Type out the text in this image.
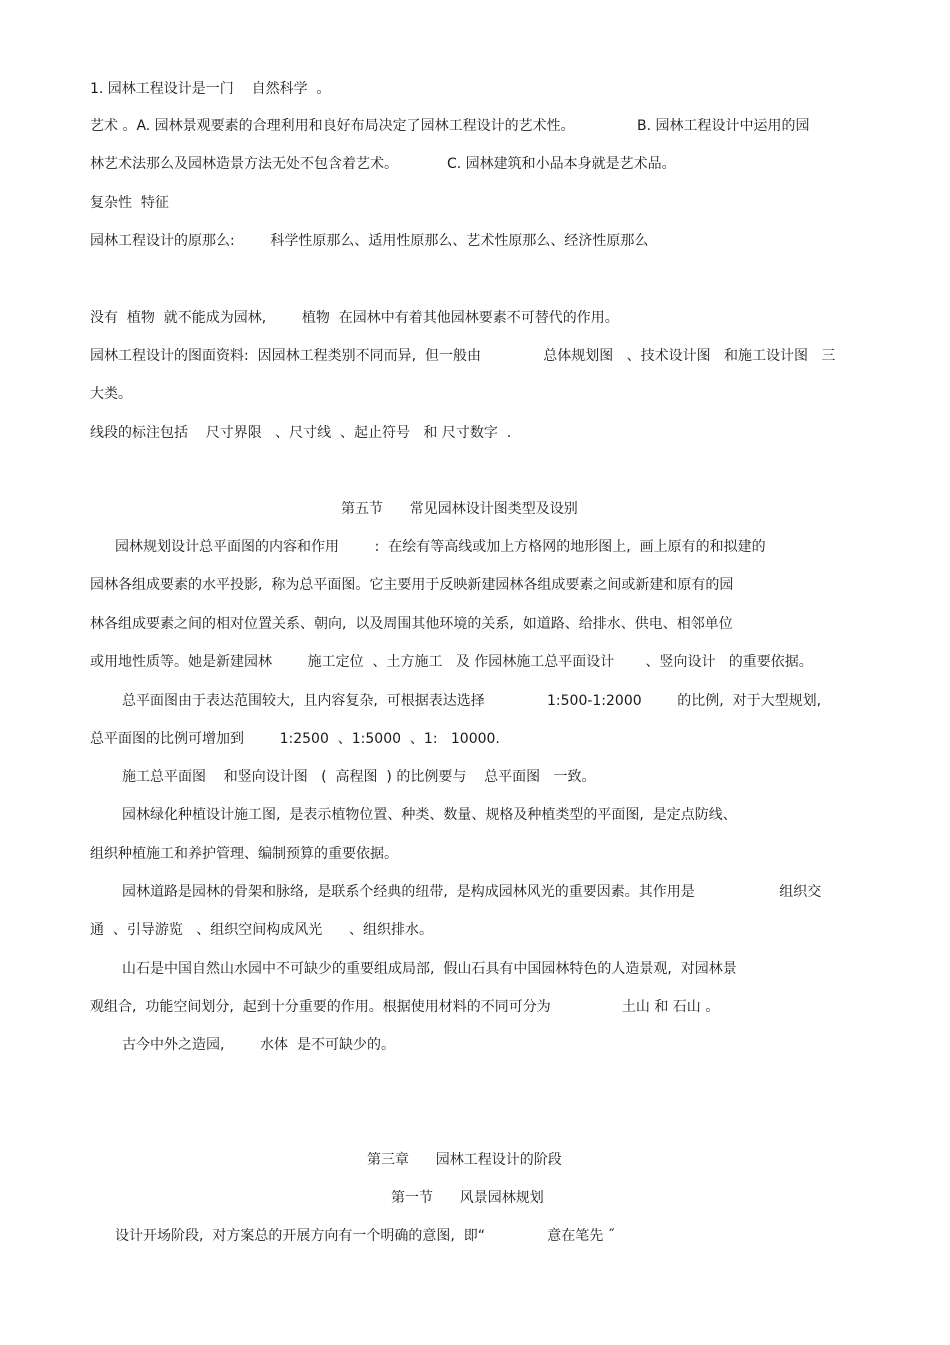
1. 园林工程设计是一门    自然科学  。
艺术 。A. 园林景观要素的合理利用和良好布局决定了园林工程设计的艺术性。              B. 园林工程设计中运用的园
林艺术法那么及园林造景方法无处不包含着艺术。           C. 园林建筑和小品本身就是艺术品。
复杂性  特征
园林工程设计的原那么:        科学性原那么、适用性原那么、艺术性原那么、经济性原那么
没有  植物  就不能成为园林,        植物  在园林中有着其他园林要素不可替代的作用。
园林工程设计的图面资料:  因园林工程类别不同而异,  但一般由              总体规划图   、技术设计图   和施工设计图   三
大类。
线段的标注包括    尺寸界限   、尺寸线  、起止符号   和 尺寸数字  .
第五节      常见园林设计图类型及设别
园林规划设计总平面图的内容和作用        :  在绘有等高线或加上方格网的地形图上,  画上原有的和拟建的
园林各组成要素的水平投影,  称为总平面图。它主要用于反映新建园林各组成要素之间或新建和原有的园
林各组成要素之间的相对位置关系、朝向,  以及周围其他环境的关系,  如道路、给排水、供电、相邻单位
或用地性质等。她是新建园林        施工定位  、土方施工   及 作园林施工总平面设计       、竖向设计   的重要依据。
总平面图由于表达范围较大,  且内容复杂,  可根据表达选择              1:500-1:2000        的比例,  对于大型规划,
总平面图的比例可增加到        1:2500  、1:5000  、1:   10000.
施工总平面图    和竖向设计图   (  高程图  ) 的比例要与    总平面图   一致。
园林绿化种植设计施工图,  是表示植物位置、种类、数量、规格及种植类型的平面图,  是定点防线、
组织种植施工和养护管理、编制预算的重要依据。
园林道路是园林的骨架和脉络,  是联系个经典的纽带,  是构成园林风光的重要因素。其作用是                   组织交
通  、引导游览   、组织空间构成风光      、组织排水。
山石是中国自然山水园中不可缺少的重要组成局部,  假山石具有中国园林特色的人造景观,  对园林景
观组合,  功能空间划分,  起到十分重要的作用。根据使用材料的不同可分为                土山 和 石山 。
古今中外之造园,        水体  是不可缺少的。
第三章      园林工程设计的阶段
第一节      风景园林规划
设计开场阶段,  对方案总的开展方向有一个明确的意图,  即“              意在笔先 ˝
